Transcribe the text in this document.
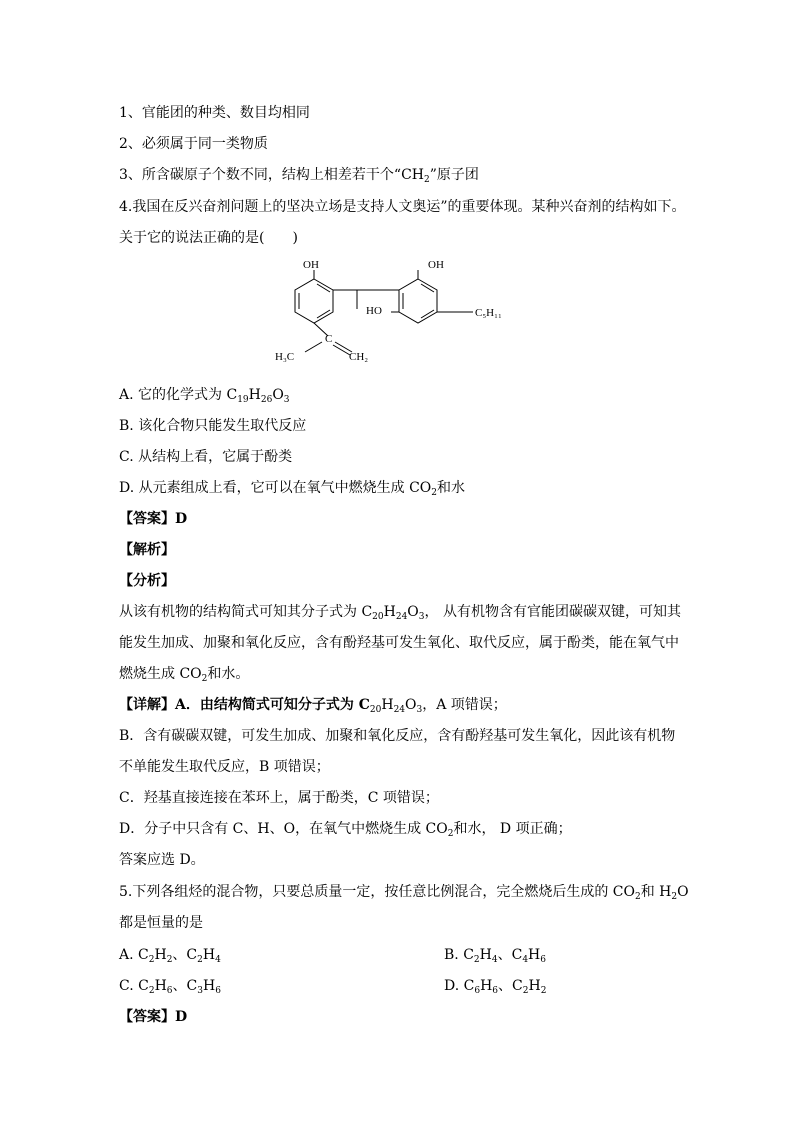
1、官能团的种类、数目均相同
2、必须属于同一类物质
3、所含碳原子个数不同，结构上相差若干个“$CH_2$”原子团
4.我国在反兴奋剂问题上的坚决立场是支持人文奥运”的重要体现。某种兴奋剂的结构如下。
关于它的说法正确的是(　　)
OH	OH
HO
C
H₃C	CH₂
C₅H₁₁
A. 它的化学式为 $C_{19}H_{26}O_3$
B. 该化合物只能发生取代反应
C. 从结构上看，它属于酚类
D. 从元素组成上看，它可以在氧气中燃烧生成 $CO_2$和水
【答案】D
【解析】
【分析】
从该有机物的结构简式可知其分子式为 $C_{20}H_{24}O_3$， 从有机物含有官能团碳碳双键，可知其
能发生加成、加聚和氧化反应，含有酚羟基可发生氧化、取代反应，属于酚类，能在氧气中
燃烧生成 $CO_2$和水。
【详解】A．由结构简式可知分子式为 $C_{20}H_{24}O_3$，A 项错误；
B．含有碳碳双键，可发生加成、加聚和氧化反应，含有酚羟基可发生氧化，因此该有机物
不单能发生取代反应，B 项错误；
C．羟基直接连接在苯环上，属于酚类，C 项错误；
D．分子中只含有 C、H、O，在氧气中燃烧生成 $CO_2$和水， D 项正确；
答案应选 D。
5.下列各组烃的混合物，只要总质量一定，按任意比例混合，完全燃烧后生成的 $CO_2$和 $H_2O$
都是恒量的是
A. $C_2H_2$、$C_2H_4$	B. $C_2H_4$、$C_4H_6$
C. $C_2H_6$、$C_3H_6$	D. $C_6H_6$、$C_2H_2$
【答案】D
